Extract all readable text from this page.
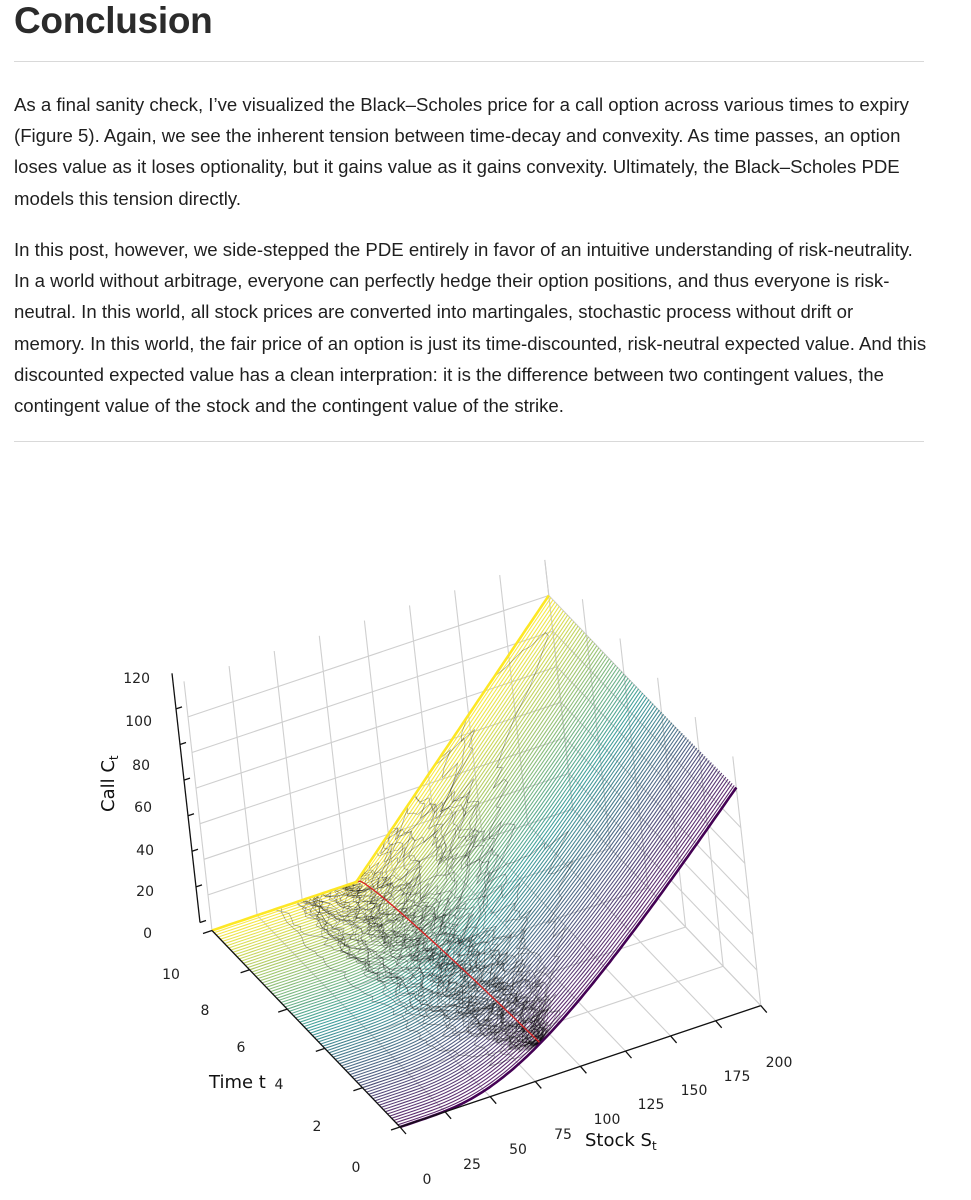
Conclusion

As a final sanity check, I’ve visualized the Black–Scholes price for a call option across various times to expiry (Figure 5). Again, we see the inherent tension between time-decay and convexity. As time passes, an option loses value as it loses optionality, but it gains value as it gains convexity. Ultimately, the Black–Scholes PDE models this tension directly.

In this post, however, we side-stepped the PDE entirely in favor of an intuitive understanding of risk-neutrality. In a world without arbitrage, everyone can perfectly hedge their option positions, and thus everyone is risk-neutral. In this world, all stock prices are converted into martingales, stochastic process without drift or memory. In this world, the fair price of an option is just its time-discounted, risk-neutral expected value. And this discounted expected value has a clean interpration: it is the difference between two contingent values, the contingent value of the stock and the contingent value of the strike.

0
20
40
60
80
100
120
Call $C_t$
0
2
4
6
8
10
Time t
0
25
50
75
100
125
150
175
200
Stock $S_t$
